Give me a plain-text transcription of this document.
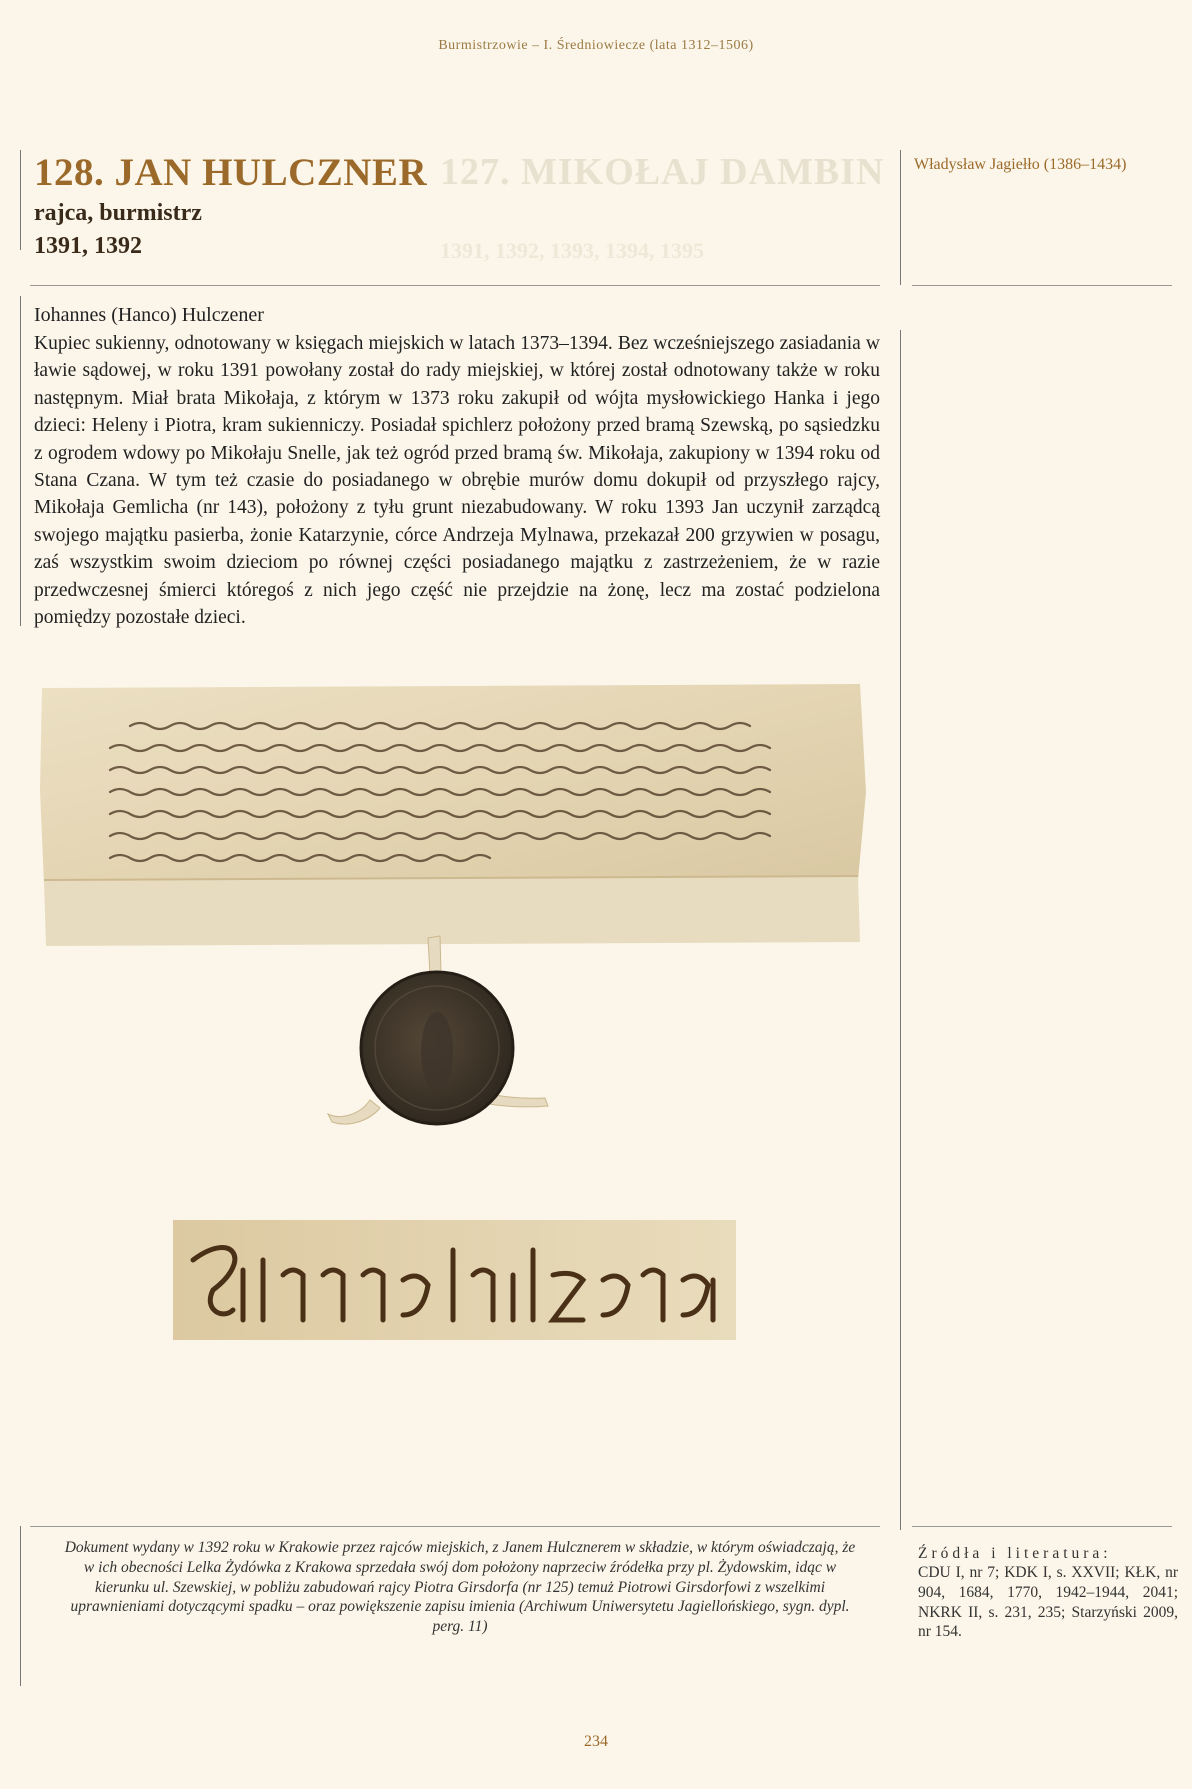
Burmistrzowie – I. Średniowiecze (lata 1312–1506)
127. MIKOŁAJ DAMBIN
1391, 1392, 1393, 1394, 1395
128. JAN HULCZNER
rajca, burmistrz
1391, 1392
Władysław Jagiełło (1386–1434)
Iohannes (Hanco) Hulczener
Kupiec sukienny, odnotowany w księgach miejskich w latach 1373–1394. Bez wcześniejszego zasiadania w ławie sądowej, w roku 1391 powołany został do rady miejskiej, w której został odnotowany także w roku następnym. Miał brata Mikołaja, z którym w 1373 roku zakupił od wójta mysłowickiego Hanka i jego dzieci: Heleny i Piotra, kram sukienniczy. Posiadał spichlerz położony przed bramą Szewską, po sąsiedzku z ogrodem wdowy po Mikołaju Snelle, jak też ogród przed bramą św. Mikołaja, zakupiony w 1394 roku od Stana Czana. W tym też czasie do posiadanego w obrębie murów domu dokupił od przyszłego rajcy, Mikołaja Gemlicha (nr 143), położony z tyłu grunt niezabudowany. W roku 1393 Jan uczynił zarządcą swojego majątku pasierba, żonie Katarzynie, córce Andrzeja Mylnawa, przekazał 200 grzywien w posagu, zaś wszystkim swoim dzieciom po równej części posiadanego majątku z zastrzeżeniem, że w razie przedwczesnej śmierci któregoś z nich jego część nie przejdzie na żonę, lecz ma zostać podzielona pomiędzy pozostałe dzieci.
Dokument wydany w 1392 roku w Krakowie przez rajców miejskich, z Janem Hulcznerem w składzie, w którym oświadczają, że w ich obecności Lelka Żydówka z Krakowa sprzedała swój dom położony naprzeciw źródełka przy pl. Żydowskim, idąc w kierunku ul. Szewskiej, w pobliżu zabudowań rajcy Piotra Girsdorfa (nr 125) temuż Piotrowi Girsdorfowi z wszelkimi uprawnieniami dotyczącymi spadku – oraz powiększenie zapisu imienia (Archiwum Uniwersytetu Jagiellońskiego, sygn. dypl. perg. 11)
Źródła i literatura:
CDU I, nr 7; KDK I, s. XXVII; KŁK, nr 904, 1684, 1770, 1942–1944, 2041; NKRK II, s. 231, 235; Starzyński 2009, nr 154.
234
